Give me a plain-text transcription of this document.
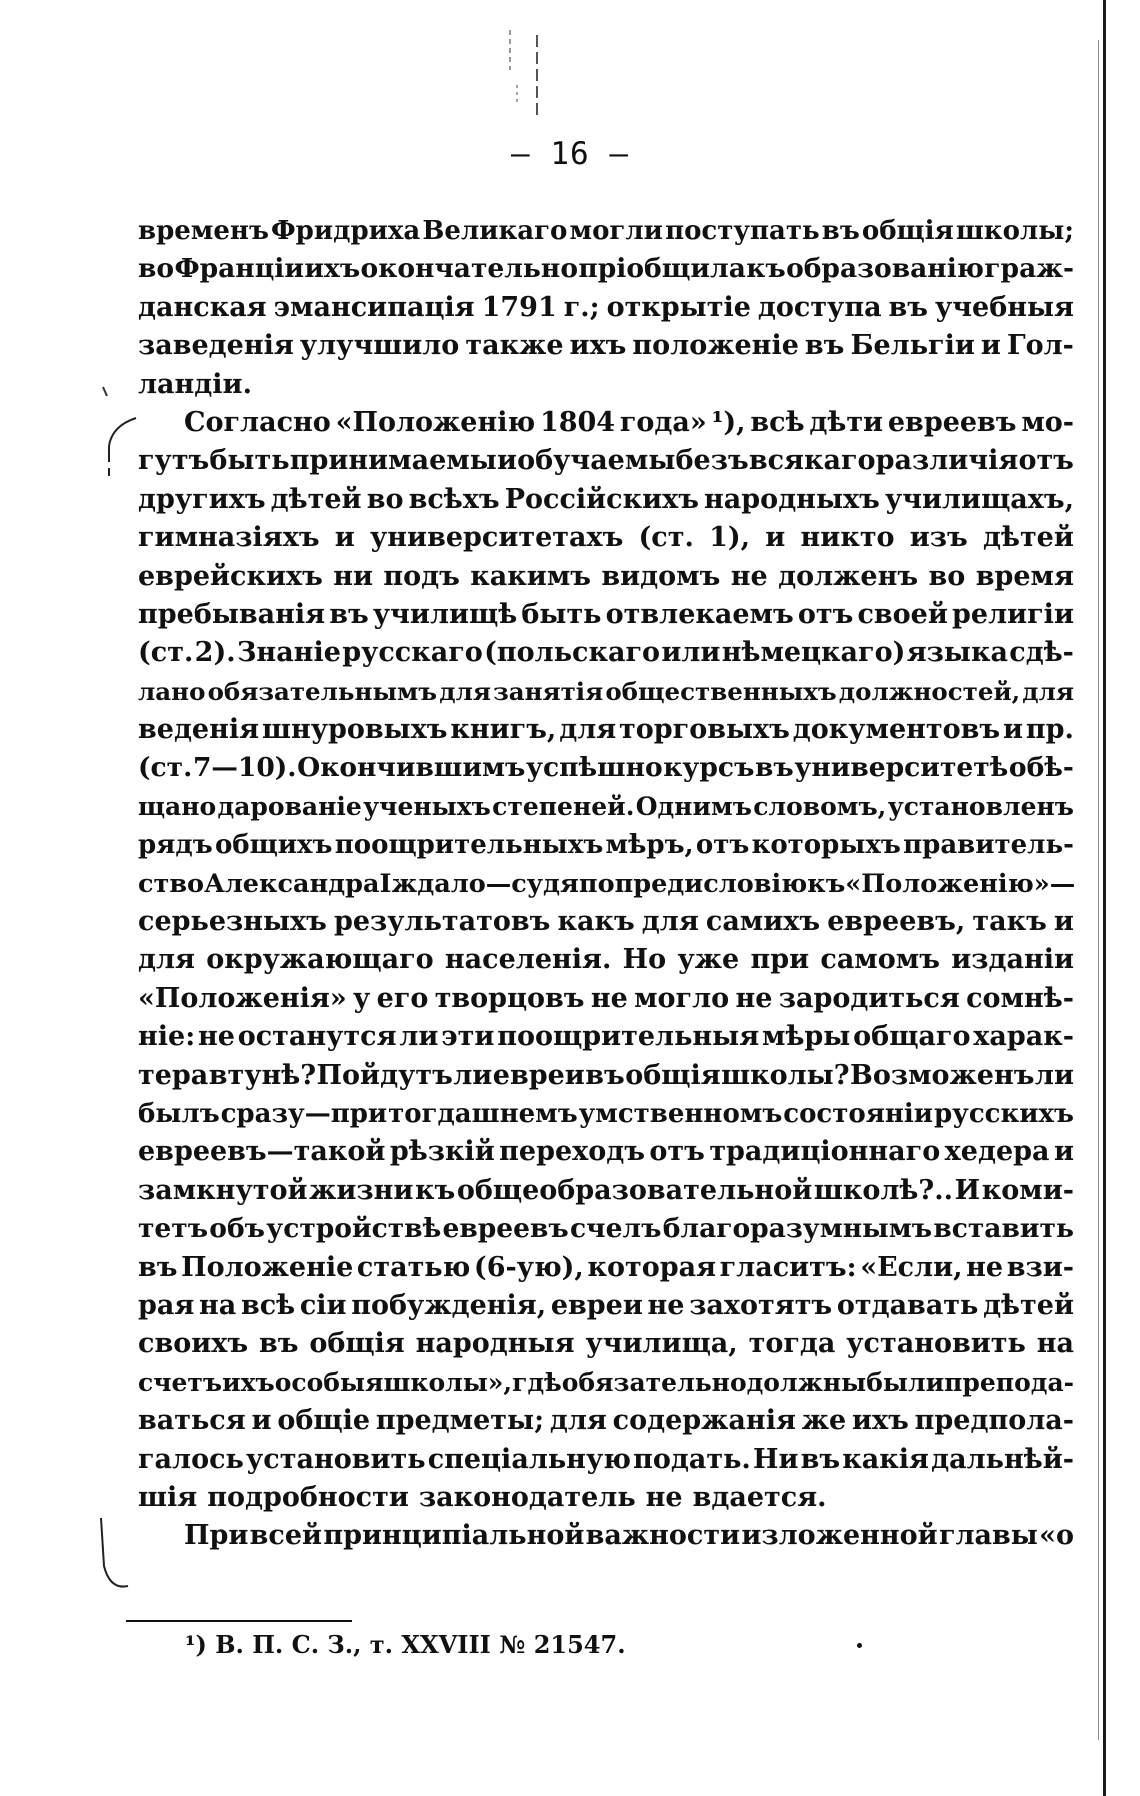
— 16 —
временъ Фридриха Великаго могли поступать въ общія школы;
во Франціи ихъ окончательно пріобщила къ образованію граж-
данская эмансипація 1791 г.; открытіе доступа въ учебныя
заведенія улучшило также ихъ положеніе въ Бельгіи и Гол-
ландіи.
Согласно «Положенію 1804 года» ¹), всѣ дѣти евреевъ мо-
гутъ быть принимаемы и обучаемы безъ всякаго различія отъ
другихъ дѣтей во всѣхъ Россійскихъ народныхъ училищахъ,
гимназіяхъ и университетахъ (ст. 1), и никто изъ дѣтей
еврейскихъ ни подъ какимъ видомъ не долженъ во время
пребыванія въ училищѣ быть отвлекаемъ отъ своей религіи
(ст. 2). Знаніе русскаго (польскаго или нѣмецкаго) языка сдѣ-
лано обязательнымъ для занятія общественныхъ должностей, для
веденія шнуровыхъ книгъ, для торговыхъ документовъ и пр.
(ст. 7—10). Окончившимъ успѣшно курсъ въ университетѣ обѣ-
щано дарованіе ученыхъ степеней. Однимъ словомъ, установленъ
рядъ общихъ поощрительныхъ мѣръ, отъ которыхъ правитель-
ство Александра I ждало—судя по предисловію къ «Положенію»—
серьезныхъ результатовъ какъ для самихъ евреевъ, такъ и
для окружающаго населенія. Но уже при самомъ изданіи
«Положенія» у его творцовъ не могло не зародиться сомнѣ-
ніе: не останутся ли эти поощрительныя мѣры общаго харак-
тера втунѣ? Пойдутъ ли евреи въ общія школы? Возможенъ ли
былъ сразу—при тогдашнемъ умственномъ состояніи русскихъ
евреевъ—такой рѣзкій переходъ отъ традиціоннаго хедера и
замкнутой жизни къ общеобразовательной школѣ?.. И коми-
тетъ объ устройствѣ евреевъ счелъ благоразумнымъ вставить
въ Положеніе статью (6-ую), которая гласитъ: «Если, не взи-
рая на всѣ сіи побужденія, евреи не захотятъ отдавать дѣтей
своихъ въ общія народныя училища, тогда установить на
счетъ ихъ особыя школы», гдѣ обязательно должны были препода-
ваться и общіе предметы; для содержанія же ихъ предпола-
галось установить спеціальную подать. Ни въ какія дальнѣй-
шія подробности законодатель не вдается.
При всей принципіальной важности изложенной главы «о
¹) В. П. С. З., т. XXVIII № 21547.
